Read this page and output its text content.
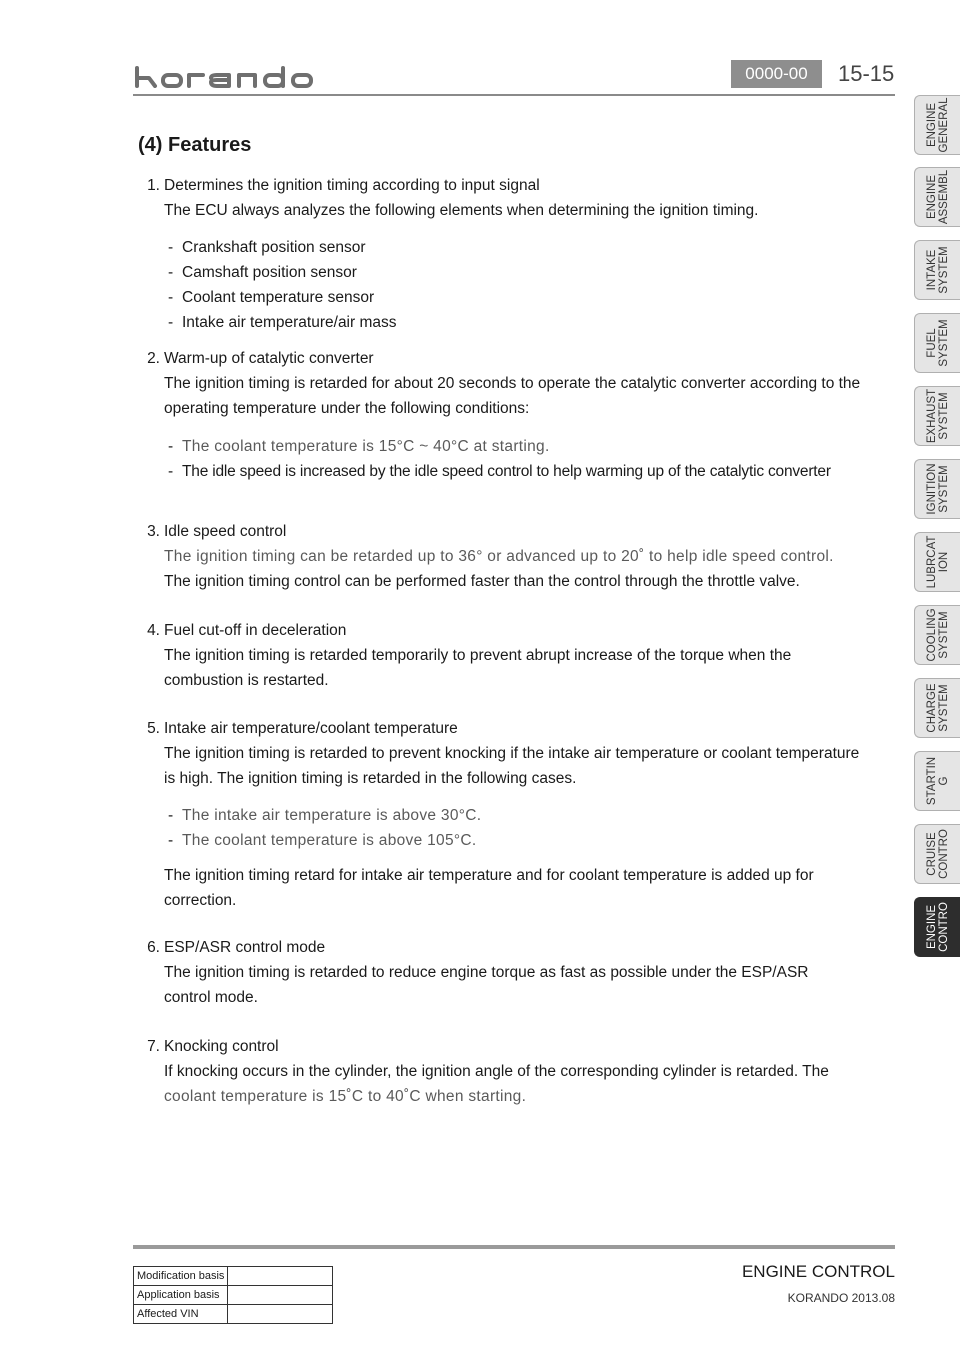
0000-00	15-15
ENGINE
GENERAL
ENGINE
ASSEMBL
INTAKE
SYSTEM
FUEL
SYSTEM
EXHAUST
SYSTEM
IGNITION
SYSTEM
LUBRCAT
ION
COOLING
SYSTEM
CHARGE
SYSTEM
STARTIN
G
CRUISE
CONTRO
ENGINE
CONTRO
(4) Features
1. Determines the ignition timing according to input signal
The ECU always analyzes the following elements when determining the ignition timing.
- Crankshaft position sensor
- Camshaft position sensor
- Coolant temperature sensor
- Intake air temperature/air mass
2. Warm-up of catalytic converter
The ignition timing is retarded for about 20 seconds to operate the catalytic converter according to the
operating temperature under the following conditions:
- The coolant temperature is 15°C ~ 40°C at starting.
- The idle speed is increased by the idle speed control to help warming up of the catalytic converter
3. Idle speed control
The ignition timing can be retarded up to 36° or advanced up to 20˚ to help idle speed control.
The ignition timing control can be performed faster than the control through the throttle valve.
4. Fuel cut-off in deceleration
The ignition timing is retarded temporarily to prevent abrupt increase of the torque when the
combustion is restarted.
5. Intake air temperature/coolant temperature
The ignition timing is retarded to prevent knocking if the intake air temperature or coolant temperature
is high. The ignition timing is retarded in the following cases.
- The intake air temperature is above 30°C.
- The coolant temperature is above 105°C.
The ignition timing retard for intake air temperature and for coolant temperature is added up for
correction.
6. ESP/ASR control mode
The ignition timing is retarded to reduce engine torque as fast as possible under the ESP/ASR
control mode.
7. Knocking control
If knocking occurs in the cylinder, the ignition angle of the corresponding cylinder is retarded. The
coolant temperature is 15˚C to 40˚C when starting.
Modification basis	
Application basis	
Affected VIN	
ENGINE CONTROL
KORANDO 2013.08
